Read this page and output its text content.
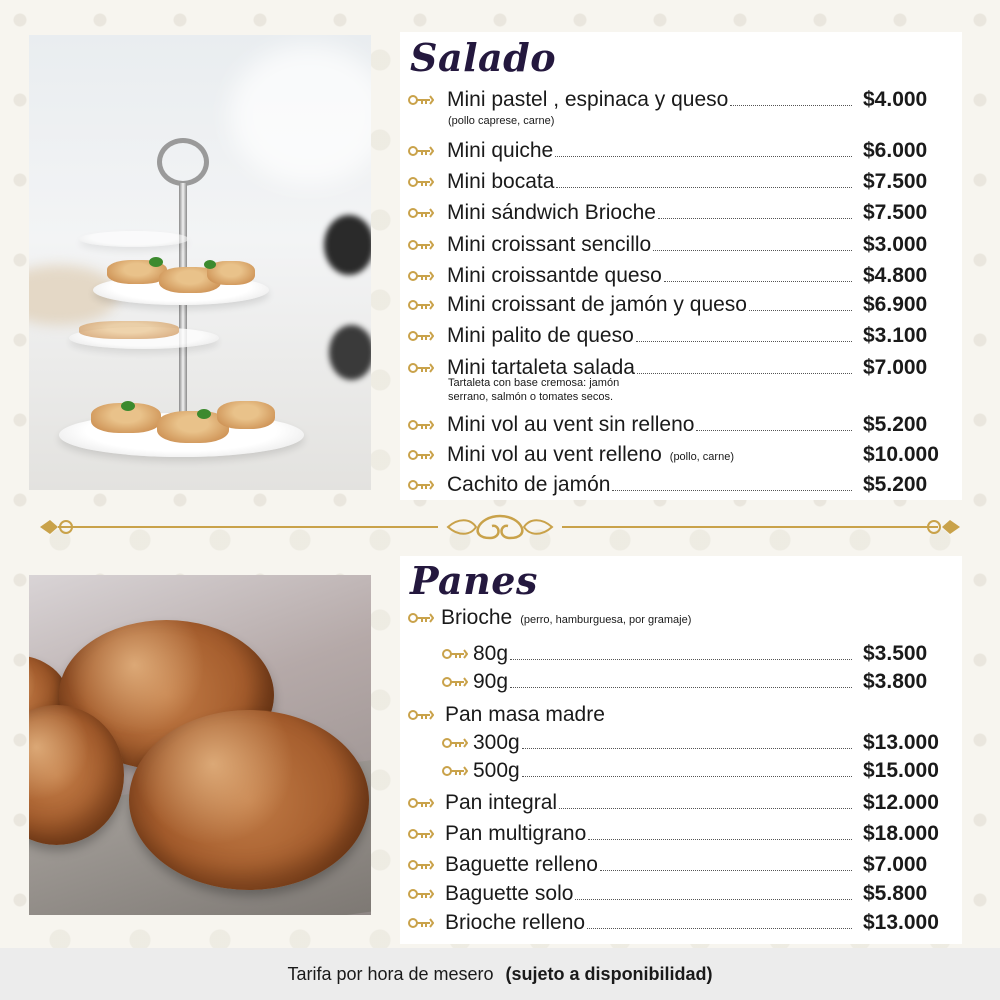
Salado
Mini pastel , espinaca y queso	$4.000
Mini quiche	$6.000
Mini bocata	$7.500
Mini sándwich Brioche	$7.500
Mini croissant sencillo	$3.000
Mini croissantde queso	$4.800
Mini croissant de jamón y queso	$6.900
Mini palito de queso	$3.100
Mini tartaleta salada	$7.000
Mini vol au vent sin relleno	$5.200
Mini vol au vent relleno (pollo, carne)	$10.000
Cachito de jamón	$5.200
(pollo caprese, carne)
Tartaleta con base cremosa: jamón
serrano, salmón o tomates secos.
Panes
Brioche (perro, hamburguesa, por gramaje)
80g	$3.500
90g	$3.800
Pan masa madre
300g	$13.000
500g	$15.000
Pan integral	$12.000
Pan multigrano	$18.000
Baguette relleno	$7.000
Baguette solo	$5.800
Brioche relleno	$13.000
Tarifa por hora de mesero (sujeto a disponibilidad)
